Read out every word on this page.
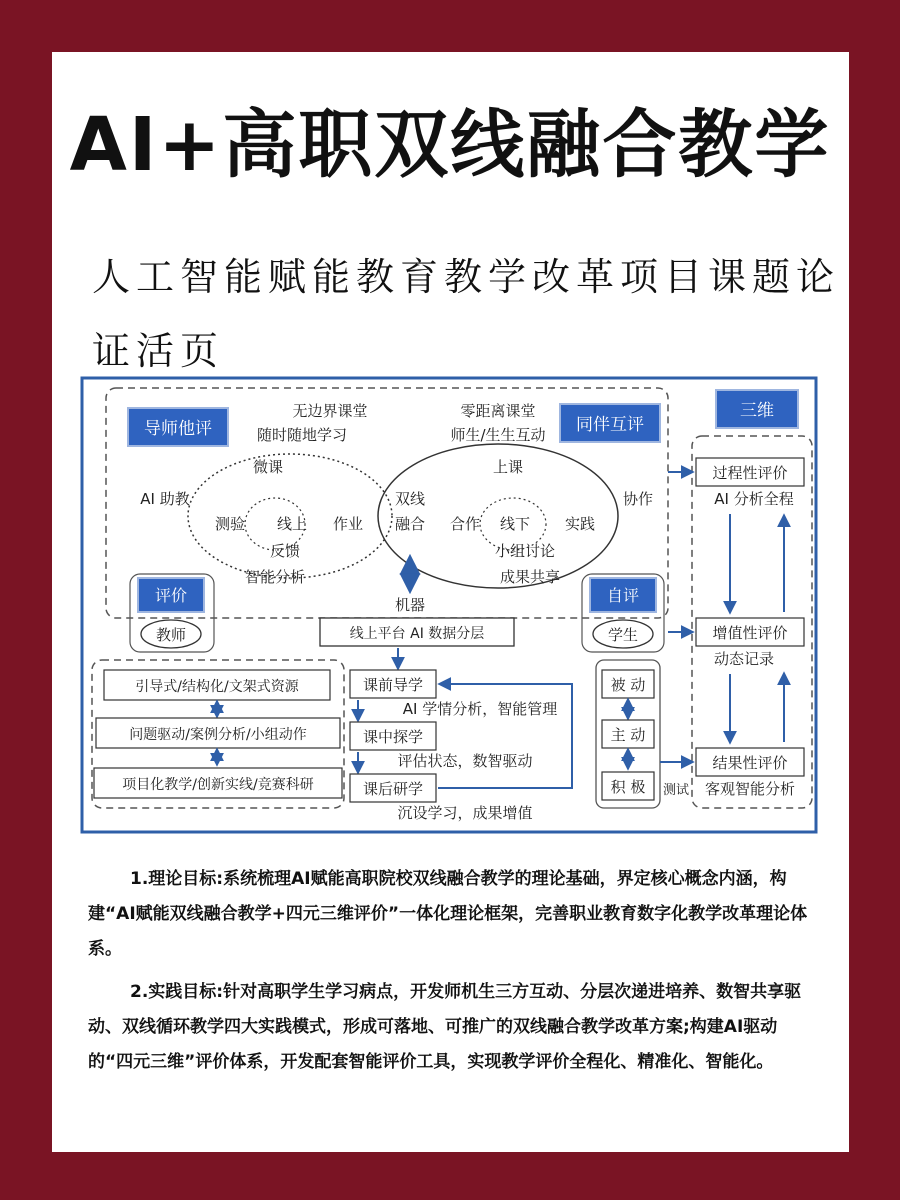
AI+高职双线融合教学
人工智能赋能教育教学改革项目课题论证活页
导师他评	同伴互评
三维
无边界课堂
随时随地学习
微课
AI 助教
测验 线上 作业
反馈
智能分析
双线
融合
零距离课堂
师生/生生互动
上课
协作
合作 线下 实践
小组讨论
成果共享
机器
评价
教师
自评
学生
线上平台 AI 数据分层
引导式/结构化/文架式资源
问题驱动/案例分析/小组动作
项目化教学/创新实线/竞赛科研
课前导学
AI 学情分析，智能管理
课中探学
评估状态，数智驱动
课后研学
沉设学习，成果增值
被 动
主 动
积 极 测试
过程性评价
AI 分析全程
增值性评价
动态记录
结果性评价
客观智能分析

1.理论目标:系统梳理AI赋能高职院校双线融合教学的理论基础，界定核心概念内涵，构建“AI赋能双线融合教学+四元三维评价”一体化理论框架，完善职业教育数字化教学改革理论体系。

2.实践目标:针对高职学生学习病点，开发师机生三方互动、分层次递进培养、数智共享驱动、双线循环教学四大实践模式，形成可落地、可推广的双线融合教学改革方案;构建AI驱动的“四元三维”评价体系，开发配套智能评价工具，实现教学评价全程化、精准化、智能化。
